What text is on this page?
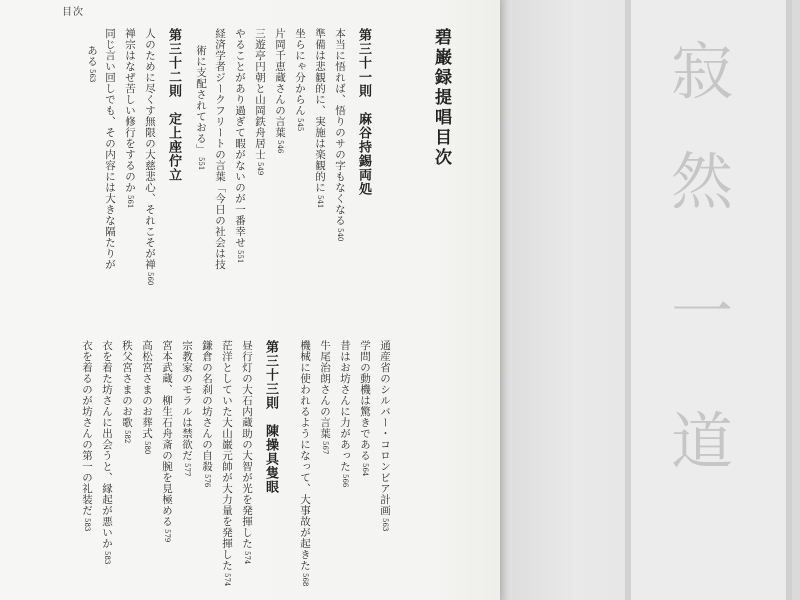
寂
然
一
道
目次
碧巌録提唱目次
第三十一則　麻谷持錫両処
本当に悟れば、悟りのサの字もなくなる540
準備は悲観的に、実施は楽観的に541
坐らにゃ分からん545
片岡千恵蔵さんの言葉546
三遊亭円朝と山岡鉄舟居士549
やることがあり過ぎて暇がないのが一番幸せ551
経済学者ジークフリートの言葉「今日の社会は技
術に支配されておる」551
第三十二則　定上座佇立
人のために尽くす無限の大慈悲心、それこそが禅560
禅宗はなぜ苦しい修行をするのか561
同じ言い回しでも、その内容には大きな隔たりが
ある563
通産省のシルバー・コロンビア計画563
学問の動機は驚きである564
昔はお坊さんに力があった566
牛尾治朗さんの言葉567
機械に使われるようになって、大事故が起きた568
第三十三則　陳操具隻眼
昼行灯の大石内蔵助の大智が光を発揮した574
茫洋としていた大山巌元帥が大力量を発揮した574
鎌倉の名刹の坊さんの自殺576
宗教家のモラルは禁欲だ577
宮本武蔵、柳生石舟斎の腕を見極める579
高松宮さまのお葬式580
秩父宮さまのお歌582
衣を着た坊さんに出会うと、縁起が悪いか583
衣を着るのが坊さんの第一の礼装だ583
